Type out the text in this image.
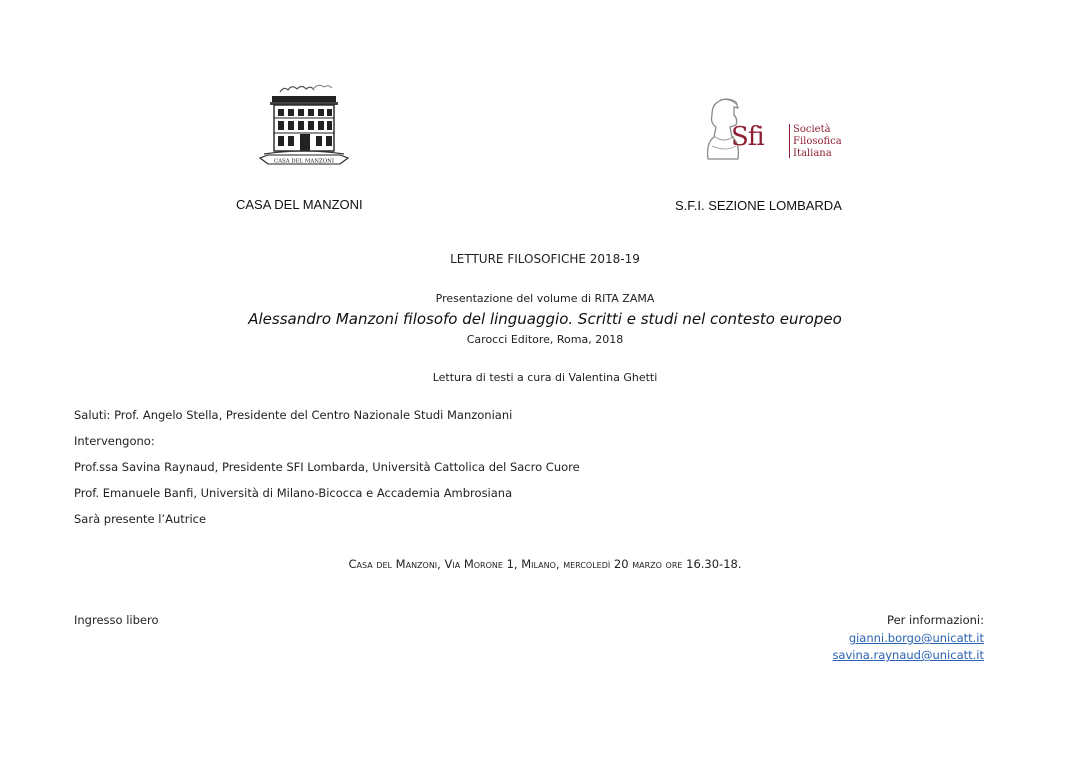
CASA DEL MANZONI
Sfi	Società
Filosofica
Italiana
CASA DEL MANZONI	S.F.I. SEZIONE LOMBARDA
LETTURE FILOSOFICHE 2018-19
Presentazione del volume di RITA ZAMA
Alessandro Manzoni filosofo del linguaggio. Scritti e studi nel contesto europeo
Carocci Editore, Roma, 2018
Lettura di testi a cura di Valentina Ghetti
Saluti: Prof. Angelo Stella, Presidente del Centro Nazionale Studi Manzoniani
Intervengono:
Prof.ssa Savina Raynaud, Presidente SFI Lombarda, Università Cattolica del Sacro Cuore
Prof. Emanuele Banfi, Università di Milano-Bicocca e Accademia Ambrosiana
Sarà presente l’Autrice
Casa del Manzoni, Via Morone 1, Milano, mercoledì 20 marzo ore 16.30-18.
Ingresso libero	Per informazioni:
gianni.borgo@unicatt.it
savina.raynaud@unicatt.it
